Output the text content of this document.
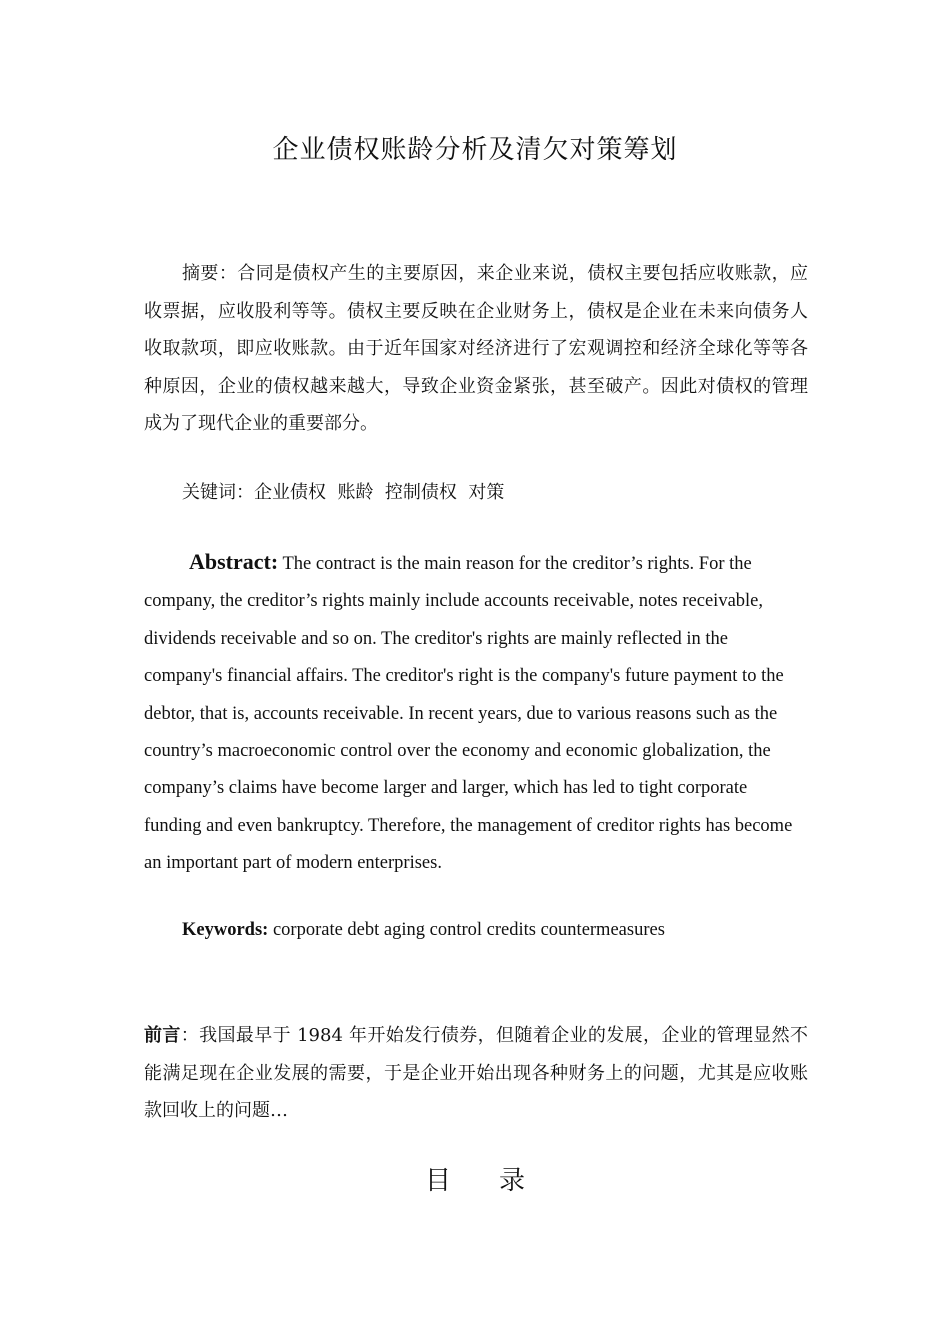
企业债权账龄分析及清欠对策筹划
摘要：合同是债权产生的主要原因，来企业来说，债权主要包括应收账款，应收票据，应收股利等等。债权主要反映在企业财务上，债权是企业在未来向债务人收取款项，即应收账款。由于近年国家对经济进行了宏观调控和经济全球化等等各种原因，企业的债权越来越大，导致企业资金紧张，甚至破产。因此对债权的管理成为了现代企业的重要部分。
关键词：企业债权  账龄  控制债权  对策
Abstract: The contract is the main reason for the creditor’s rights. For the company, the creditor’s rights mainly include accounts receivable, notes receivable, dividends receivable and so on. The creditor's rights are mainly reflected in the company's financial affairs. The creditor's right is the company's future payment to the debtor, that is, accounts receivable. In recent years, due to various reasons such as the country’s macroeconomic control over the economy and economic globalization, the company’s claims have become larger and larger, which has led to tight corporate funding and even bankruptcy. Therefore, the management of creditor rights has become an important part of modern enterprises.
Keywords: corporate debt aging control credits countermeasures
前言：我国最早于 1984 年开始发行债券，但随着企业的发展，企业的管理显然不能满足现在企业发展的需要，于是企业开始出现各种财务上的问题，尤其是应收账款回收上的问题…
目 录
